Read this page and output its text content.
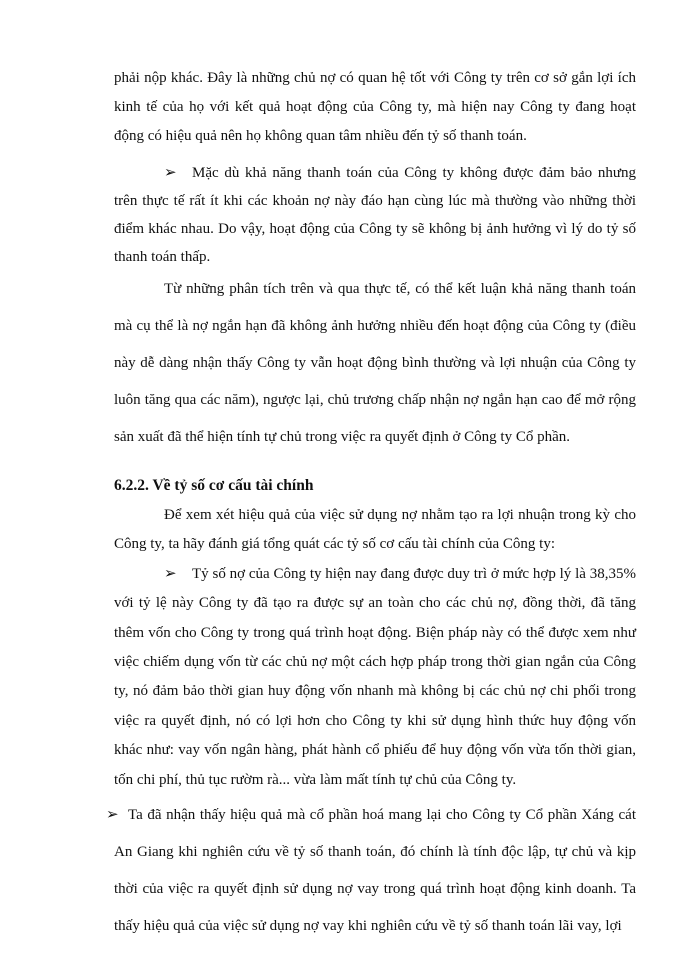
phải nộp khác. Đây là những chủ nợ có quan hệ tốt với Công ty trên cơ sở gắn lợi ích kinh tế của họ với kết quả hoạt động của Công ty, mà hiện nay Công ty đang hoạt động có hiệu quả nên họ không quan tâm nhiều đến tỷ số thanh toán.

➢ Mặc dù khả năng thanh toán của Công ty không được đảm bảo nhưng trên thực tế rất ít khi các khoản nợ này đáo hạn cùng lúc mà thường vào những thời điểm khác nhau. Do vậy, hoạt động của Công ty sẽ không bị ảnh hưởng vì lý do tỷ số thanh toán thấp.

Từ những phân tích trên và qua thực tế, có thể kết luận khả năng thanh toán mà cụ thể là nợ ngắn hạn đã không ảnh hưởng nhiều đến hoạt động của Công ty (điều này dễ dàng nhận thấy Công ty vẫn hoạt động bình thường và lợi nhuận của Công ty luôn tăng qua các năm), ngược lại, chủ trương chấp nhận nợ ngắn hạn cao để mở rộng sản xuất đã thể hiện tính tự chủ trong việc ra quyết định ở Công ty Cổ phần.

6.2.2. Về tỷ số cơ cấu tài chính

Để xem xét hiệu quả của việc sử dụng nợ nhằm tạo ra lợi nhuận trong kỳ cho Công ty, ta hãy đánh giá tổng quát các tỷ số cơ cấu tài chính của Công ty:

➢ Tỷ số nợ của Công ty hiện nay đang được duy trì ở mức hợp lý là 38,35% với tỷ lệ này Công ty đã tạo ra được sự an toàn cho các chủ nợ, đồng thời, đã tăng thêm vốn cho Công ty trong quá trình hoạt động. Biện pháp này có thể được xem như việc chiếm dụng vốn từ các chủ nợ một cách hợp pháp trong thời gian ngắn của Công ty, nó đảm bảo thời gian huy động vốn nhanh mà không bị các chủ nợ chi phối trong việc ra quyết định, nó có lợi hơn cho Công ty khi sử dụng hình thức huy động vốn khác như: vay vốn ngân hàng, phát hành cổ phiếu để huy động vốn vừa tốn thời gian, tốn chi phí, thủ tục rườm rà... vừa làm mất tính tự chủ của Công ty.

➢ Ta đã nhận thấy hiệu quả mà cổ phần hoá mang lại cho Công ty Cổ phần Xáng cát An Giang khi nghiên cứu về tỷ số thanh toán, đó chính là tính độc lập, tự chủ và kịp thời của việc ra quyết định sử dụng nợ vay trong quá trình hoạt động kinh doanh. Ta thấy hiệu quả của việc sử dụng nợ vay khi nghiên cứu về tỷ số thanh toán lãi vay, lợi
